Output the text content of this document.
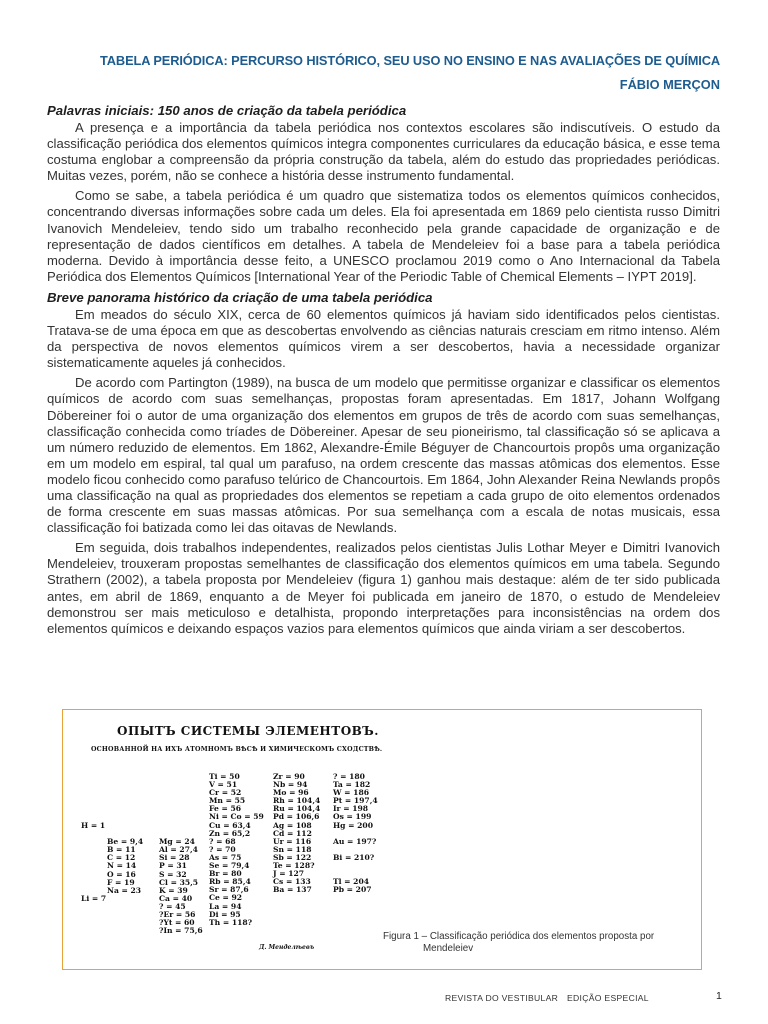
TABELA PERIÓDICA: PERCURSO HISTÓRICO, SEU USO NO ENSINO E NAS AVALIAÇÕES DE QUÍMICA
FÁBIO MERÇON
Palavras iniciais: 150 anos de criação da tabela periódica

A presença e a importância da tabela periódica nos contextos escolares são indiscutíveis. O estudo da classificação periódica dos elementos químicos integra componentes curriculares da educação básica, e esse tema costuma englobar a compreensão da própria construção da tabela, além do estudo das propriedades periódicas. Muitas vezes, porém, não se conhece a história desse instrumento fundamental.

Como se sabe, a tabela periódica é um quadro que sistematiza todos os elementos químicos conhecidos, concentrando diversas informações sobre cada um deles. Ela foi apresentada em 1869 pelo cientista russo Dimitri Ivanovich Mendeleiev, tendo sido um trabalho reconhecido pela grande capacidade de organização e de representação de dados científicos em detalhes. A tabela de Mendeleiev foi a base para a tabela periódica moderna. Devido à importância desse feito, a UNESCO proclamou 2019 como o Ano Internacional da Tabela Periódica dos Elementos Químicos [International Year of the Periodic Table of Chemical Elements – IYPT 2019].

Breve panorama histórico da criação de uma tabela periódica

Em meados do século XIX, cerca de 60 elementos químicos já haviam sido identificados pelos cientistas. Tratava-se de uma época em que as descobertas envolvendo as ciências naturais cresciam em ritmo intenso. Além da perspectiva de novos elementos químicos virem a ser descobertos, havia a necessidade organizar sistematicamente aqueles já conhecidos.

De acordo com Partington (1989), na busca de um modelo que permitisse organizar e classificar os elementos químicos de acordo com suas semelhanças, propostas foram apresentadas. Em 1817, Johann Wolfgang Döbereiner foi o autor de uma organização dos elementos em grupos de três de acordo com suas semelhanças, classificação conhecida como tríades de Döbereiner. Apesar de seu pioneirismo, tal classificação só se aplicava a um número reduzido de elementos. Em 1862, Alexandre-Émile Béguyer de Chancourtois propôs uma organização em um modelo em espiral, tal qual um parafuso, na ordem crescente das massas atômicas dos elementos. Esse modelo ficou conhecido como parafuso telúrico de Chancourtois. Em 1864, John Alexander Reina Newlands propôs uma classificação na qual as propriedades dos elementos se repetiam a cada grupo de oito elementos ordenados de forma crescente em suas massas atômicas. Por sua semelhança com a escala de notas musicais, essa classificação foi batizada como lei das oitavas de Newlands.

Em seguida, dois trabalhos independentes, realizados pelos cientistas Julis Lothar Meyer e Dimitri Ivanovich Mendeleiev, trouxeram propostas semelhantes de classificação dos elementos químicos em uma tabela. Segundo Strathern (2002), a tabela proposta por Mendeleiev (figura 1) ganhou mais destaque: além de ter sido publicada antes, em abril de 1869, enquanto a de Meyer foi publicada em janeiro de 1870, o estudo de Mendeleiev demonstrou ser mais meticuloso e detalhista, propondo interpretações para inconsistências na ordem dos elementos químicos e deixando espaços vazios para elementos químicos que ainda viriam a ser descobertos.

ОПЫТЪ СИСТЕМЫ ЭЛЕМЕНТОВЪ.
ОСНОВАННОЙ НА ИХЪ АТОМНОМЪ ВѢСѢ И ХИМИЧЕСКОМЪ СХОДСТВѢ.
H = 1

Li = 7

Be = 9,4
B = 11
C = 12
N = 14
O = 16
F = 19
Na = 23

Mg = 24
Al = 27,4
Si = 28
P = 31
S = 32
Cl = 35,5
K = 39
Ca = 40
? = 45
?Er = 56
?Yt = 60
?In = 75,6
Ti = 50
V = 51
Cr = 52
Mn = 55
Fe = 56
Ni = Co = 59
Cu = 63,4
Zn = 65,2
? = 68
? = 70
As = 75
Se = 79,4
Br = 80
Rb = 85,4
Sr = 87,6
Ce = 92
La = 94
Di = 95
Th = 118?
Zr = 90
Nb = 94
Mo = 96
Rh = 104,4
Ru = 104,4
Pd = 106,6
Ag = 108
Cd = 112
Ur = 116
Sn = 118
Sb = 122
Te = 128?
J = 127
Cs = 133
Ba = 137
? = 180
Ta = 182
W = 186
Pt = 197,4
Ir = 198
Os = 199
Hg = 200

Au = 197?

Bi = 210?

Tl = 204
Pb = 207
Д. Менделѣевъ
Figura 1 – Classificação periódica dos elementos proposta por
Mendeleiev
REVISTA DO VESTIBULAR EDIÇÃO ESPECIAL	1
